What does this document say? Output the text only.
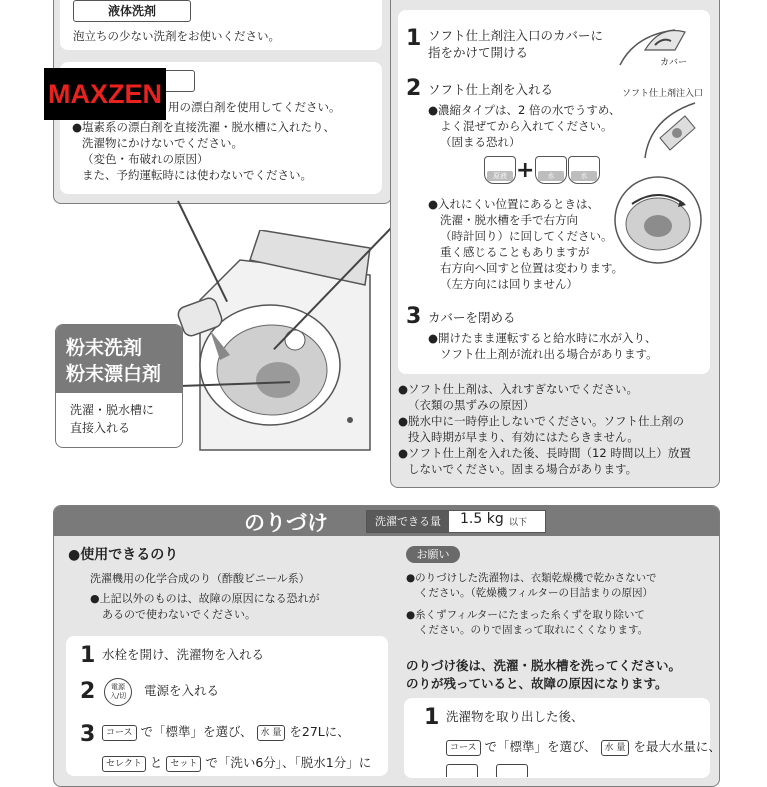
液体洗剤
泡立ちの少ない洗剤をお使いください。
MAXZEN 用の漂白剤を使用してください。
●塩素系の漂白剤を直接洗濯・脱水槽に入れたり、
洗濯物にかけないでください。
（変色・布破れの原因）
また、予約運転時には使わないでください。
粉末洗剤
粉末漂白剤
洗濯・脱水槽に
直接入れる
1 ソフト仕上剤注入口のカバーに
指をかけて開ける
カバー
2 ソフト仕上剤を入れる	ソフト仕上剤注入口
●濃縮タイプは、2 倍の水でうすめ、
よく混ぜてから入れてください。
（固まる恐れ）
原液 +	水	水
●入れにくい位置にあるときは、
洗濯・脱水槽を手で右方向
（時計回り）に回してください。
重く感じることもありますが
右方向へ回すと位置は変わります。
（左方向には回りません）
3 カバーを閉める
●開けたまま運転すると給水時に水が入り、
ソフト仕上剤が流れ出る場合があります。
●ソフト仕上剤は、入れすぎないでください。
（衣類の黒ずみの原因）
●脱水中に一時停止しないでください。ソフト仕上剤の
投入時期が早まり、有効にはたらきません。
●ソフト仕上剤を入れた後、長時間（12 時間以上）放置
しないでください。固まる場合があります。
のりづけ	洗濯できる量	1.5 kg 以下
●使用できるのり
洗濯機用の化学合成のり（酢酸ビニール系）
●上記以外のものは、故障の原因になる恐れが
あるので使わないでください。
1 水栓を開け、洗濯物を入れる
2	電源
入/切	電源を入れる
3	コース で「標準」を選び、 水 量 を27Lに、
セレクト と セット で「洗い6分」、「脱水1分」に
お願い
●のりづけした洗濯物は、衣類乾燥機で乾かさないで
ください。（乾燥機フィルターの目詰まりの原因）
●糸くずフィルターにたまった糸くずを取り除いて
ください。のりで固まって取れにくくなります。
のりづけ後は、洗濯・脱水槽を洗ってください。
のりが残っていると、故障の原因になります。
1 洗濯物を取り出した後、
コース で「標準」を選び、 水 量 を最大水量に、
